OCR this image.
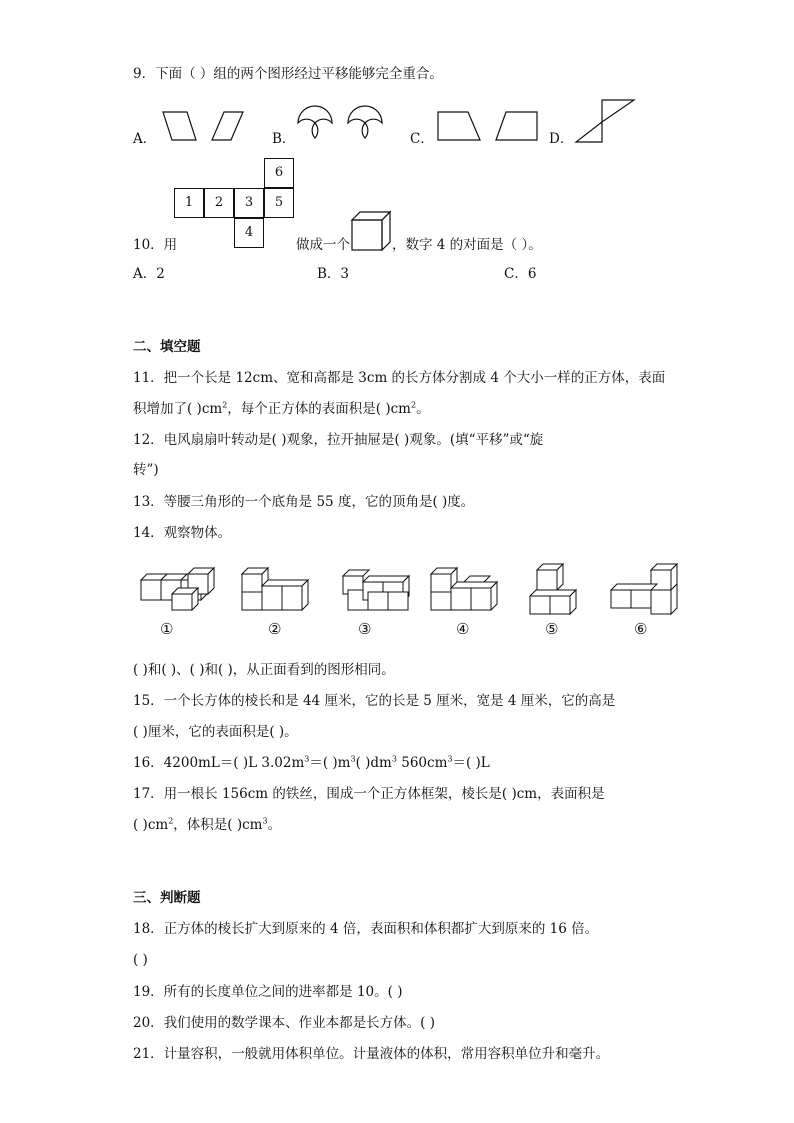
9．下面（ ）组的两个图形经过平移能够完全重合。
A．	B．	C．	D．
6
1	2	3	5
4
10．用	做成一个	，数字 4 的对面是（ ）。
A．2	B．3	C．6
二、填空题
11．把一个长是 12cm、宽和高都是 3cm 的长方体分割成 4 个大小一样的正方体，表面
积增加了( )$cm^2$，每个正方体的表面积是( )$cm^2$。
12．电风扇扇叶转动是( )观象，拉开抽屉是( )观象。(填“平移”或“旋
转”)
13．等腰三角形的一个底角是 55 度，它的顶角是( )度。
14．观察物体。
①	②	③	④	⑤	⑥
( )和( )、( )和( )，从正面看到的图形相同。
15．一个长方体的棱长和是 44 厘米，它的长是 5 厘米，宽是 4 厘米，它的高是
( )厘米，它的表面积是( )。
16．4200mL＝( )L $3.02m^3=$( )$m^3$( )$dm^3$ $560cm^3=$( )L
17．用一根长 156cm 的铁丝，围成一个正方体框架，棱长是( )cm，表面积是
( )$cm^2$，体积是( )$cm^3$。
三、判断题
18．正方体的棱长扩大到原来的 4 倍，表面积和体积都扩大到原来的 16 倍。
( )
19．所有的长度单位之间的进率都是 10。( )
20．我们使用的数学课本、作业本都是长方体。( )
21．计量容积，一般就用体积单位。计量液体的体积，常用容积单位升和毫升。
